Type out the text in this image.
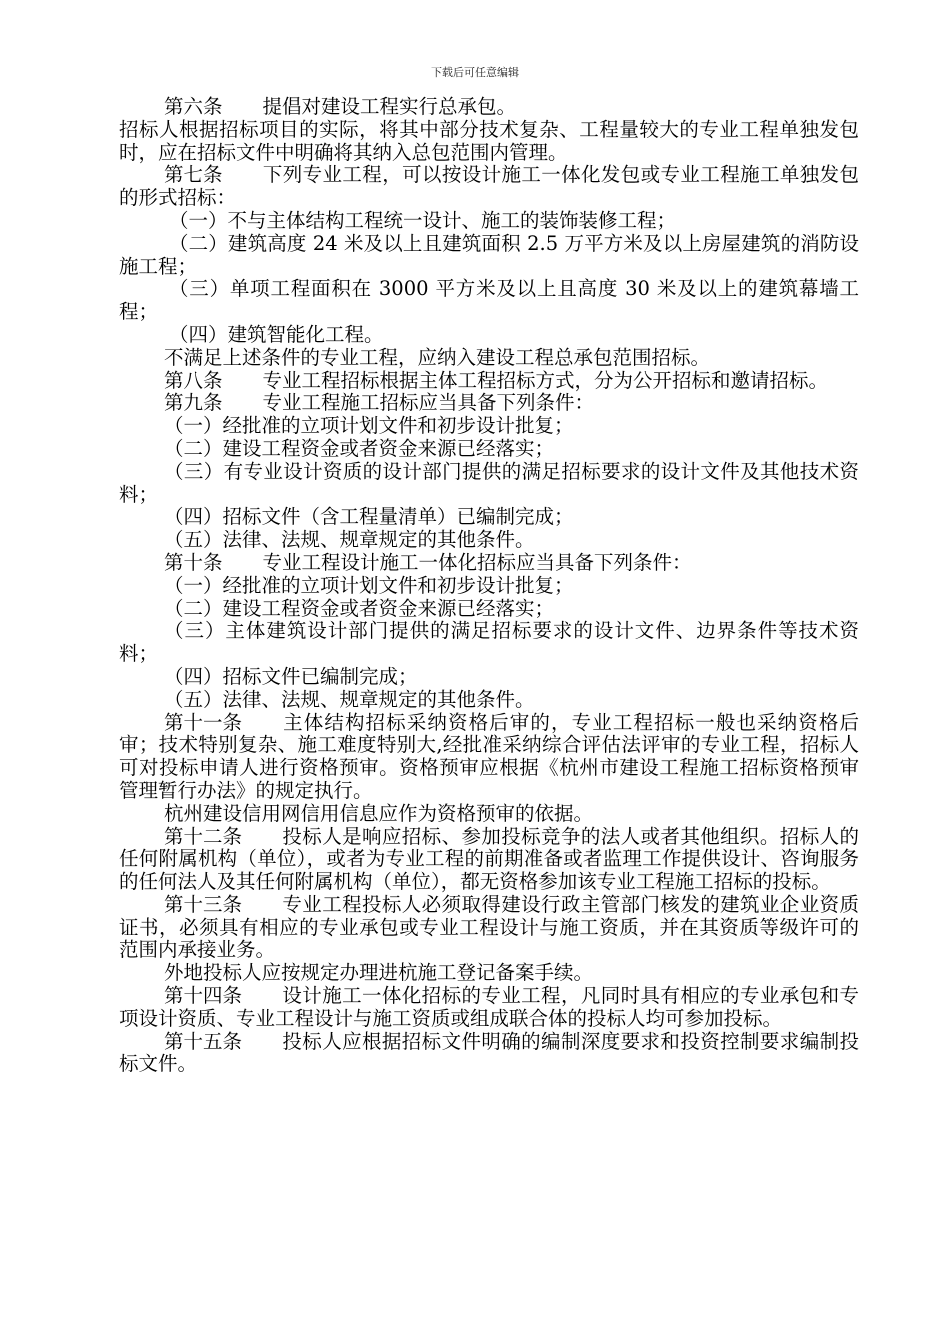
下载后可任意编辑

第六条 提倡对建设工程实行总承包。

招标人根据招标项目的实际，将其中部分技术复杂、工程量较大的专业工程单独发包时，应在招标文件中明确将其纳入总包范围内管理。

第七条 下列专业工程，可以按设计施工一体化发包或专业工程施工单独发包的形式招标：

（一）不与主体结构工程统一设计、施工的装饰装修工程；

（二）建筑高度 24 米及以上且建筑面积 2.5 万平方米及以上房屋建筑的消防设施工程；

（三）单项工程面积在 3000 平方米及以上且高度 30 米及以上的建筑幕墙工程；

（四）建筑智能化工程。

不满足上述条件的专业工程，应纳入建设工程总承包范围招标。

第八条 专业工程招标根据主体工程招标方式，分为公开招标和邀请招标。

第九条 专业工程施工招标应当具备下列条件：

（一）经批准的立项计划文件和初步设计批复；

（二）建设工程资金或者资金来源已经落实；

（三）有专业设计资质的设计部门提供的满足招标要求的设计文件及其他技术资料；

（四）招标文件（含工程量清单）已编制完成；

（五）法律、法规、规章规定的其他条件。

第十条 专业工程设计施工一体化招标应当具备下列条件：

（一）经批准的立项计划文件和初步设计批复；

（二）建设工程资金或者资金来源已经落实；

（三）主体建筑设计部门提供的满足招标要求的设计文件、边界条件等技术资料；

（四）招标文件已编制完成；

（五）法律、法规、规章规定的其他条件。

第十一条 主体结构招标采纳资格后审的，专业工程招标一般也采纳资格后审；技术特别复杂、施工难度特别大,经批准采纳综合评估法评审的专业工程，招标人可对投标申请人进行资格预审。资格预审应根据《杭州市建设工程施工招标资格预审管理暂行办法》的规定执行。

杭州建设信用网信用信息应作为资格预审的依据。

第十二条 投标人是响应招标、参加投标竞争的法人或者其他组织。招标人的任何附属机构（单位），或者为专业工程的前期准备或者监理工作提供设计、咨询服务的任何法人及其任何附属机构（单位），都无资格参加该专业工程施工招标的投标。

第十三条 专业工程投标人必须取得建设行政主管部门核发的建筑业企业资质证书，必须具有相应的专业承包或专业工程设计与施工资质，并在其资质等级许可的范围内承接业务。

外地投标人应按规定办理进杭施工登记备案手续。

第十四条 设计施工一体化招标的专业工程，凡同时具有相应的专业承包和专项设计资质、专业工程设计与施工资质或组成联合体的投标人均可参加投标。

第十五条 投标人应根据招标文件明确的编制深度要求和投资控制要求编制投标文件。
